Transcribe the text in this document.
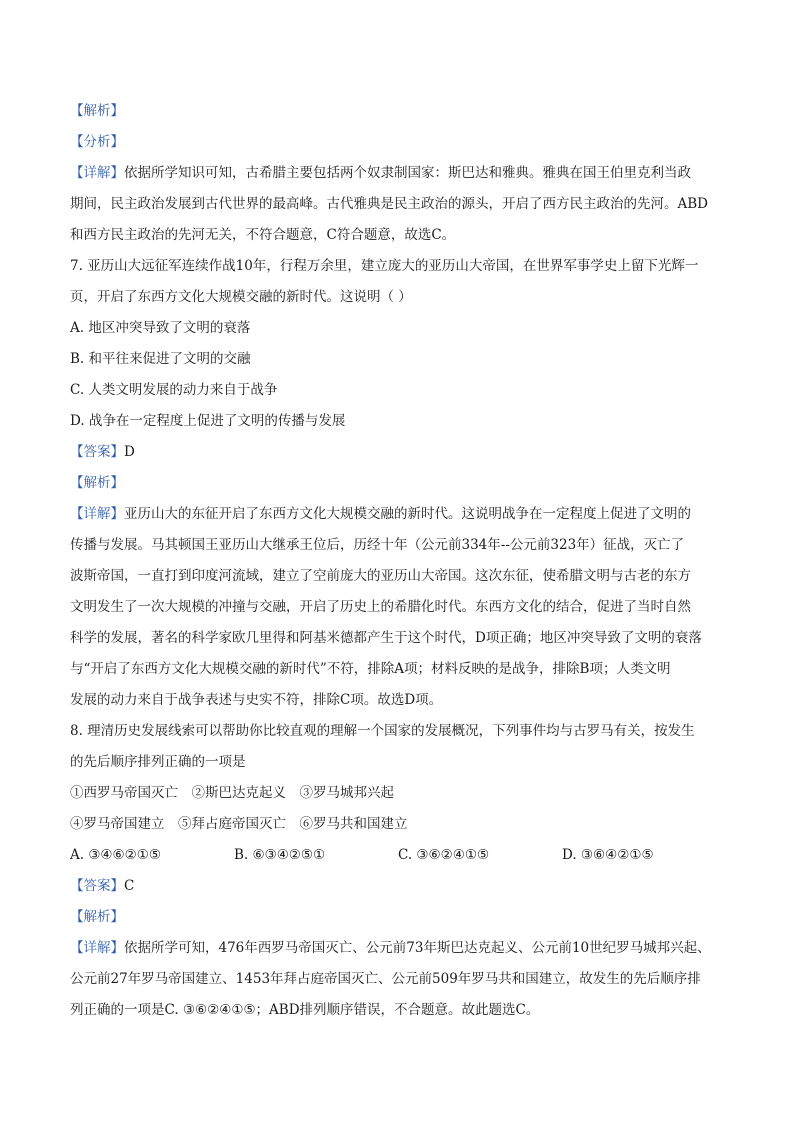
【解析】
【分析】
【详解】依据所学知识可知，古希腊主要包括两个奴隶制国家：斯巴达和雅典。雅典在国王伯里克利当政
期间，民主政治发展到古代世界的最高峰。古代雅典是民主政治的源头，开启了西方民主政治的先河。ABD
和西方民主政治的先河无关，不符合题意，C符合题意，故选C。
7. 亚历山大远征军连续作战10年，行程万余里，建立庞大的亚历山大帝国，在世界军事学史上留下光辉一
页，开启了东西方文化大规模交融的新时代。这说明（ ）
A. 地区冲突导致了文明的衰落
B. 和平往来促进了文明的交融
C. 人类文明发展的动力来自于战争
D. 战争在一定程度上促进了文明的传播与发展
【答案】D
【解析】
【详解】亚历山大的东征开启了东西方文化大规模交融的新时代。这说明战争在一定程度上促进了文明的
传播与发展。马其顿国王亚历山大继承王位后，历经十年（公元前334年--公元前323年）征战，灭亡了
波斯帝国，一直打到印度河流域，建立了空前庞大的亚历山大帝国。这次东征，使希腊文明与古老的东方
文明发生了一次大规模的冲撞与交融，开启了历史上的希腊化时代。东西方文化的结合，促进了当时自然
科学的发展，著名的科学家欧几里得和阿基米德都产生于这个时代，D项正确；地区冲突导致了文明的衰落
与“开启了东西方文化大规模交融的新时代”不符，排除A项；材料反映的是战争，排除B项；人类文明
发展的动力来自于战争表述与史实不符，排除C项。故选D项。
8. 理清历史发展线索可以帮助你比较直观的理解一个国家的发展概况，下列事件均与古罗马有关，按发生
的先后顺序排列正确的一项是
①西罗马帝国灭亡　②斯巴达克起义　③罗马城邦兴起
④罗马帝国建立　⑤拜占庭帝国灭亡　⑥罗马共和国建立
A. ③④⑥②①⑤	B. ⑥③④②⑤①	C. ③⑥②④①⑤	D. ③⑥④②①⑤
【答案】C
【解析】
【详解】依据所学可知，476年西罗马帝国灭亡、公元前73年斯巴达克起义、公元前10世纪罗马城邦兴起、
公元前27年罗马帝国建立、1453年拜占庭帝国灭亡、公元前509年罗马共和国建立，故发生的先后顺序排
列正确的一项是C. ③⑥②④①⑤；ABD排列顺序错误，不合题意。故此题选C。
